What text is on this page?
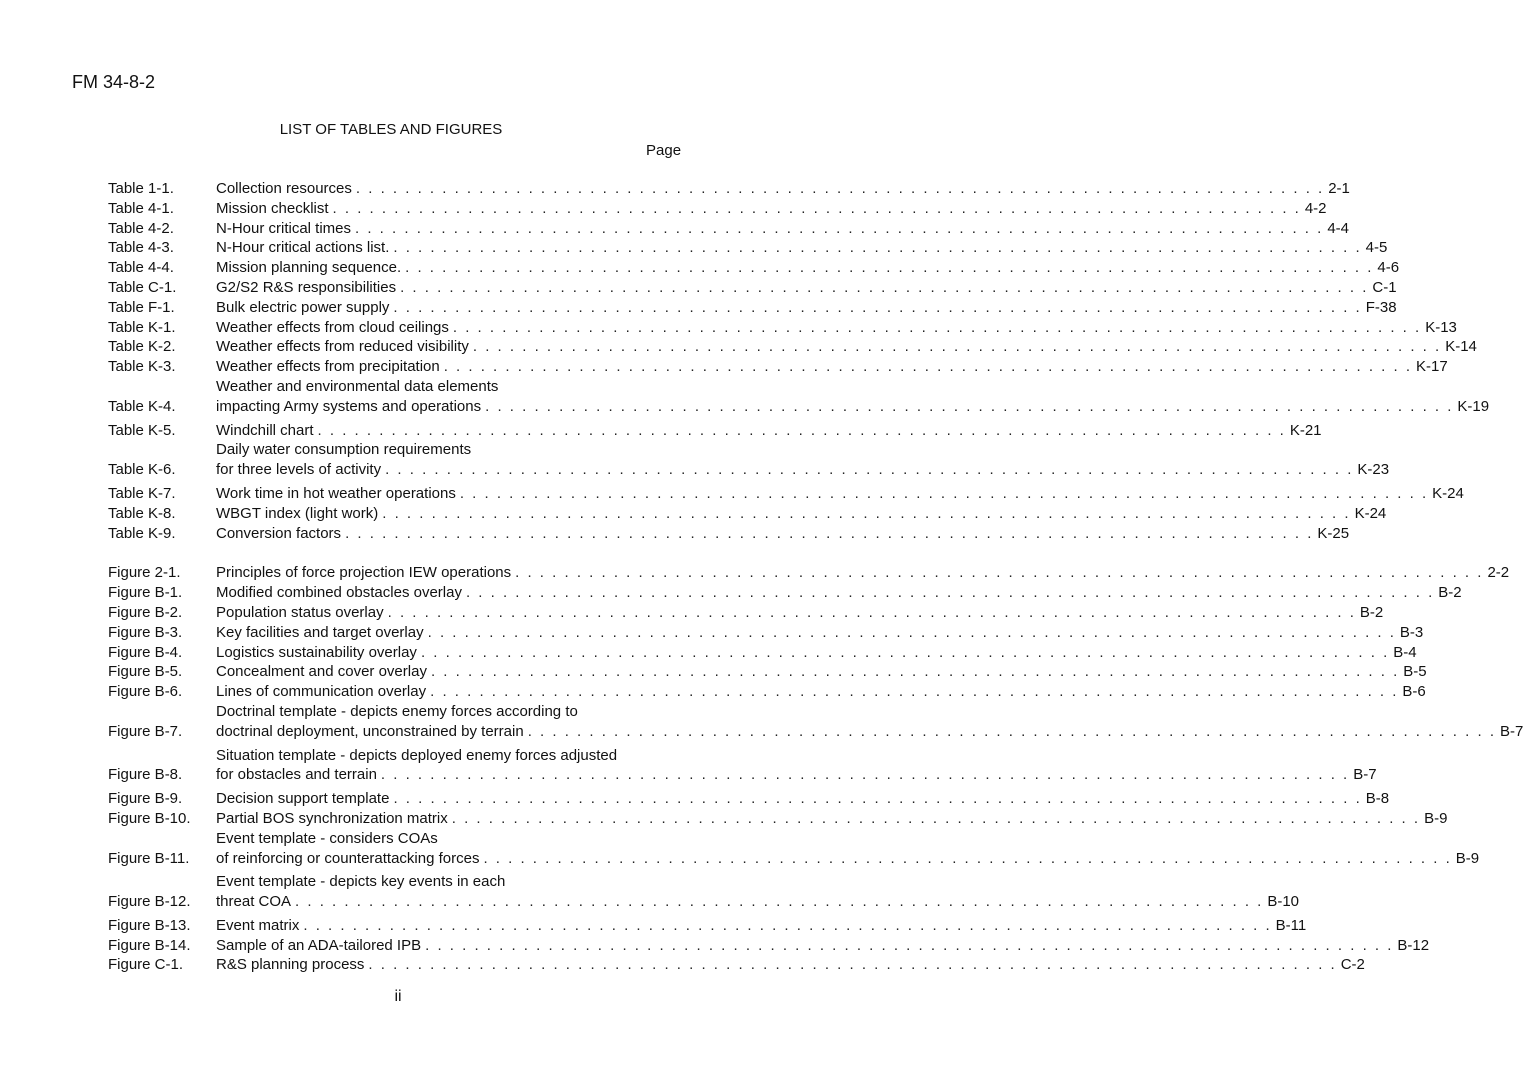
FM 34-8-2
LIST OF TABLES AND FIGURES
Page
Table 1-1.	Collection resources . . .	2-1
Table 4-1.	Mission checklist . . .	4-2
Table 4-2.	N-Hour critical times . . .	4-4
Table 4-3.	N-Hour critical actions list. . . .	4-5
Table 4-4.	Mission planning sequence. . . .	4-6
Table C-1.	G2/S2 R&S responsibilities . . .	C-1
Table F-1.	Bulk electric power supply . . .	F-38
Table K-1.	Weather effects from cloud ceilings . . .	K-13
Table K-2.	Weather effects from reduced visibility . . .	K-14
Table K-3.	Weather effects from precipitation . . .	K-17
Table K-4.
Weather and environmental data elements
impacting Army systems and operations . . .	K-19
Table K-5.	Windchill chart . . .	K-21
Table K-6.
Daily water consumption requirements
for three levels of activity . . .	K-23
Table K-7.	Work time in hot weather operations . . .	K-24
Table K-8.	WBGT index (light work) . . .	K-24
Table K-9.	Conversion factors . . .	K-25
Figure 2-1.	Principles of force projection IEW operations . . .	2-2
Figure B-1.	Modified combined obstacles overlay . . .	B-2
Figure B-2.	Population status overlay . . .	B-2
Figure B-3.	Key facilities and target overlay . . .	B-3
Figure B-4.	Logistics sustainability overlay . . .	B-4
Figure B-5.	Concealment and cover overlay . . .	B-5
Figure B-6.	Lines of communication overlay . . .	B-6
Figure B-7.
Doctrinal template - depicts enemy forces according to
doctrinal deployment, unconstrained by terrain . . .	B-7
Figure B-8.
Situation template - depicts deployed enemy forces adjusted
for obstacles and terrain . . .	B-7
Figure B-9.	Decision support template . . .	B-8
Figure B-10.	Partial BOS synchronization matrix . . .	B-9
Figure B-11.
Event template - considers COAs
of reinforcing or counterattacking forces . . .	B-9
Figure B-12.
Event template - depicts key events in each
threat COA . . .	B-10
Figure B-13.	Event matrix . . .	B-11
Figure B-14.	Sample of an ADA-tailored IPB . . .	B-12
Figure C-1.	R&S planning process . . .	C-2
ii
